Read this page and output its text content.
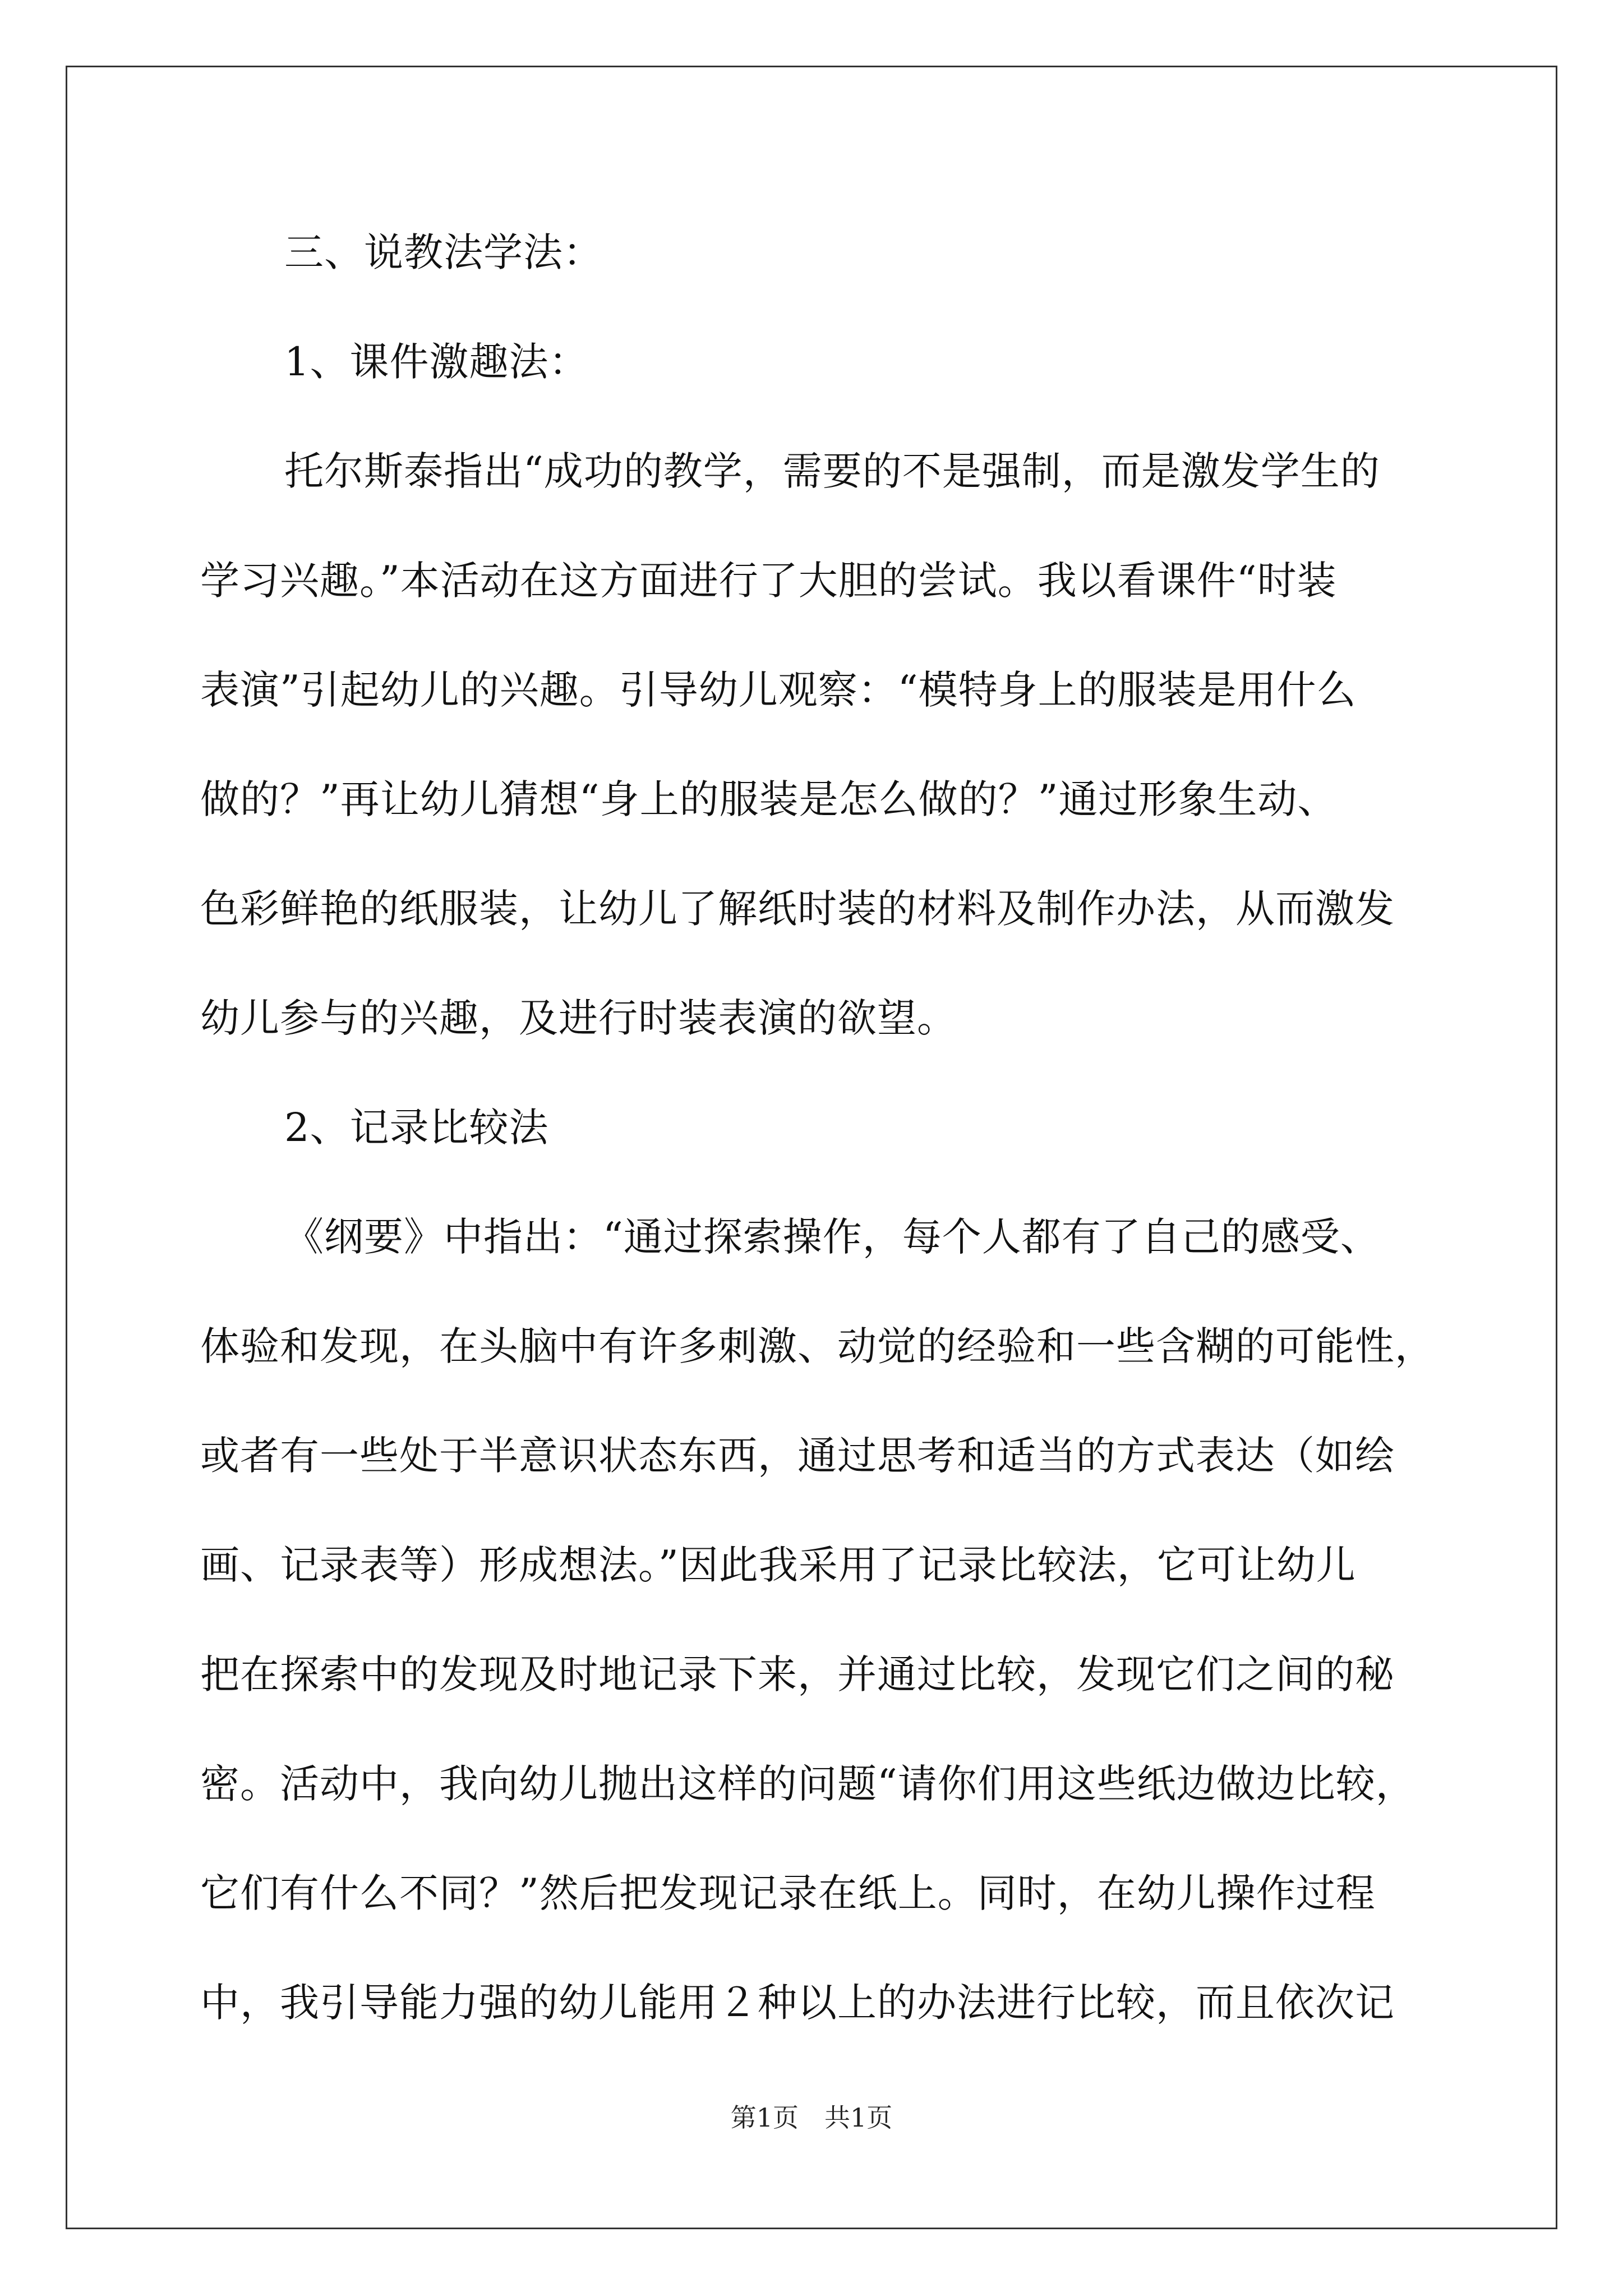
三、说教法学法：
1、课件激趣法：
托尔斯泰指出“成功的教学，需要的不是强制，而是激发学生的
学习兴趣。”本活动在这方面进行了大胆的尝试。我以看课件“时装
表演”引起幼儿的兴趣。引导幼儿观察：“模特身上的服装是用什么
做的？”再让幼儿猜想“身上的服装是怎么做的？”通过形象生动、
色彩鲜艳的纸服装，让幼儿了解纸时装的材料及制作办法，从而激发
幼儿参与的兴趣，及进行时装表演的欲望。
2、记录比较法
《纲要》中指出：“通过探索操作，每个人都有了自己的感受、
体验和发现，在头脑中有许多刺激、动觉的经验和一些含糊的可能性，
或者有一些处于半意识状态东西，通过思考和适当的方式表达（如绘
画、记录表等）形成想法。”因此我采用了记录比较法，它可让幼儿
把在探索中的发现及时地记录下来，并通过比较，发现它们之间的秘
密。活动中，我向幼儿抛出这样的问题“请你们用这些纸边做边比较，
它们有什么不同？”然后把发现记录在纸上。同时，在幼儿操作过程
中，我引导能力强的幼儿能用２种以上的办法进行比较，而且依次记
第1页　共1页
